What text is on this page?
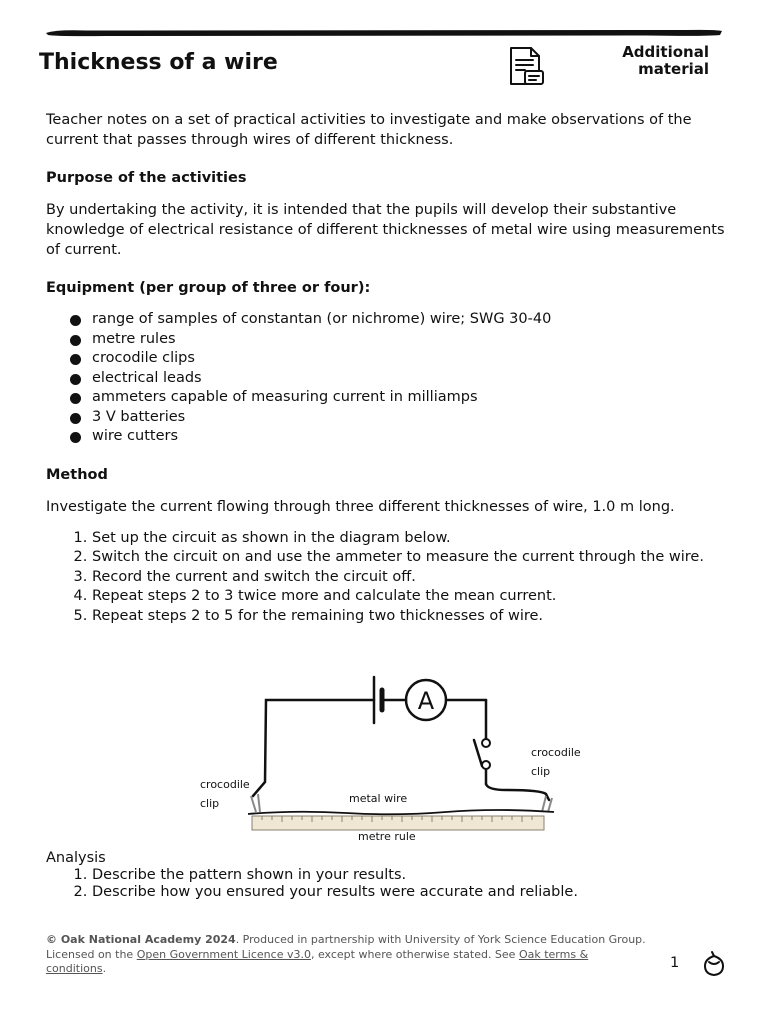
Thickness of a wire	Additional
material

Teacher notes on a set of practical activities to investigate and make observations of the current that passes through wires of different thickness.

Purpose of the activities

By undertaking the activity, it is intended that the pupils will develop their substantive knowledge of electrical resistance of different thicknesses of metal wire using measurements of current.

Equipment (per group of three or four):

range of samples of constantan (or nichrome) wire; SWG 30-40
metre rules
crocodile clips
electrical leads
ammeters capable of measuring current in milliamps
3 V batteries
wire cutters

Method

Investigate the current flowing through three different thicknesses of wire, 1.0 m long.

1. Set up the circuit as shown in the diagram below.
2. Switch the circuit on and use the ammeter to measure the current through the wire.
3. Record the current and switch the circuit off.
4. Repeat steps 2 to 3 twice more and calculate the mean current.
5. Repeat steps 2 to 5 for the remaining two thicknesses of wire.
A
crocodile
clip
crocodile
clip
metal wire
metre rule
Analysis
1. Describe the pattern shown in your results.
2. Describe how you ensured your results were accurate and reliable.
© Oak National Academy 2024. Produced in partnership with University of York Science Education Group.
Licensed on the Open Government Licence v3.0, except where otherwise stated. See Oak terms & conditions.	1
